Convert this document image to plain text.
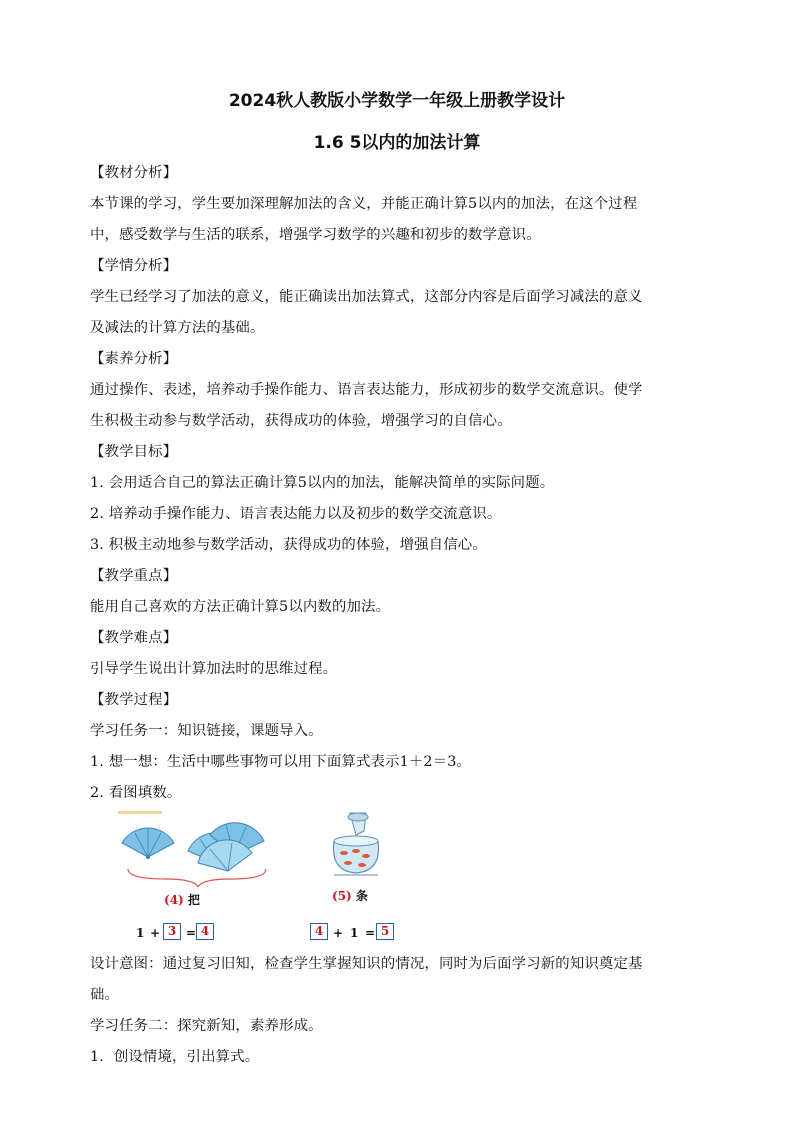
2024秋人教版小学数学一年级上册教学设计
1.6 5以内的加法计算

【教材分析】

本节课的学习，学生要加深理解加法的含义，并能正确计算5以内的加法，在这个过程

中，感受数学与生活的联系，增强学习数学的兴趣和初步的数学意识。

【学情分析】

学生已经学习了加法的意义，能正确读出加法算式，这部分内容是后面学习减法的意义

及减法的计算方法的基础。

【素养分析】

通过操作、表述，培养动手操作能力、语言表达能力，形成初步的数学交流意识。使学

生积极主动参与数学活动，获得成功的体验，增强学习的自信心。

【教学目标】

1. 会用适合自己的算法正确计算5以内的加法，能解决简单的实际问题。

2. 培养动手操作能力、语言表达能力以及初步的数学交流意识。

3. 积极主动地参与数学活动，获得成功的体验，增强自信心。

【教学重点】

能用自己喜欢的方法正确计算5以内数的加法。

【教学难点】

引导学生说出计算加法时的思维过程。

【教学过程】

学习任务一：知识链接，课题导入。

1. 想一想：生活中哪些事物可以用下面算式表示1＋2＝3。

2. 看图填数。

(4) 把
1 + 3 = 4
(5) 条
4 + 1 = 5

设计意图：通过复习旧知，检查学生掌握知识的情况，同时为后面学习新的知识奠定基

础。

学习任务二：探究新知，素养形成。

1．创设情境，引出算式。
